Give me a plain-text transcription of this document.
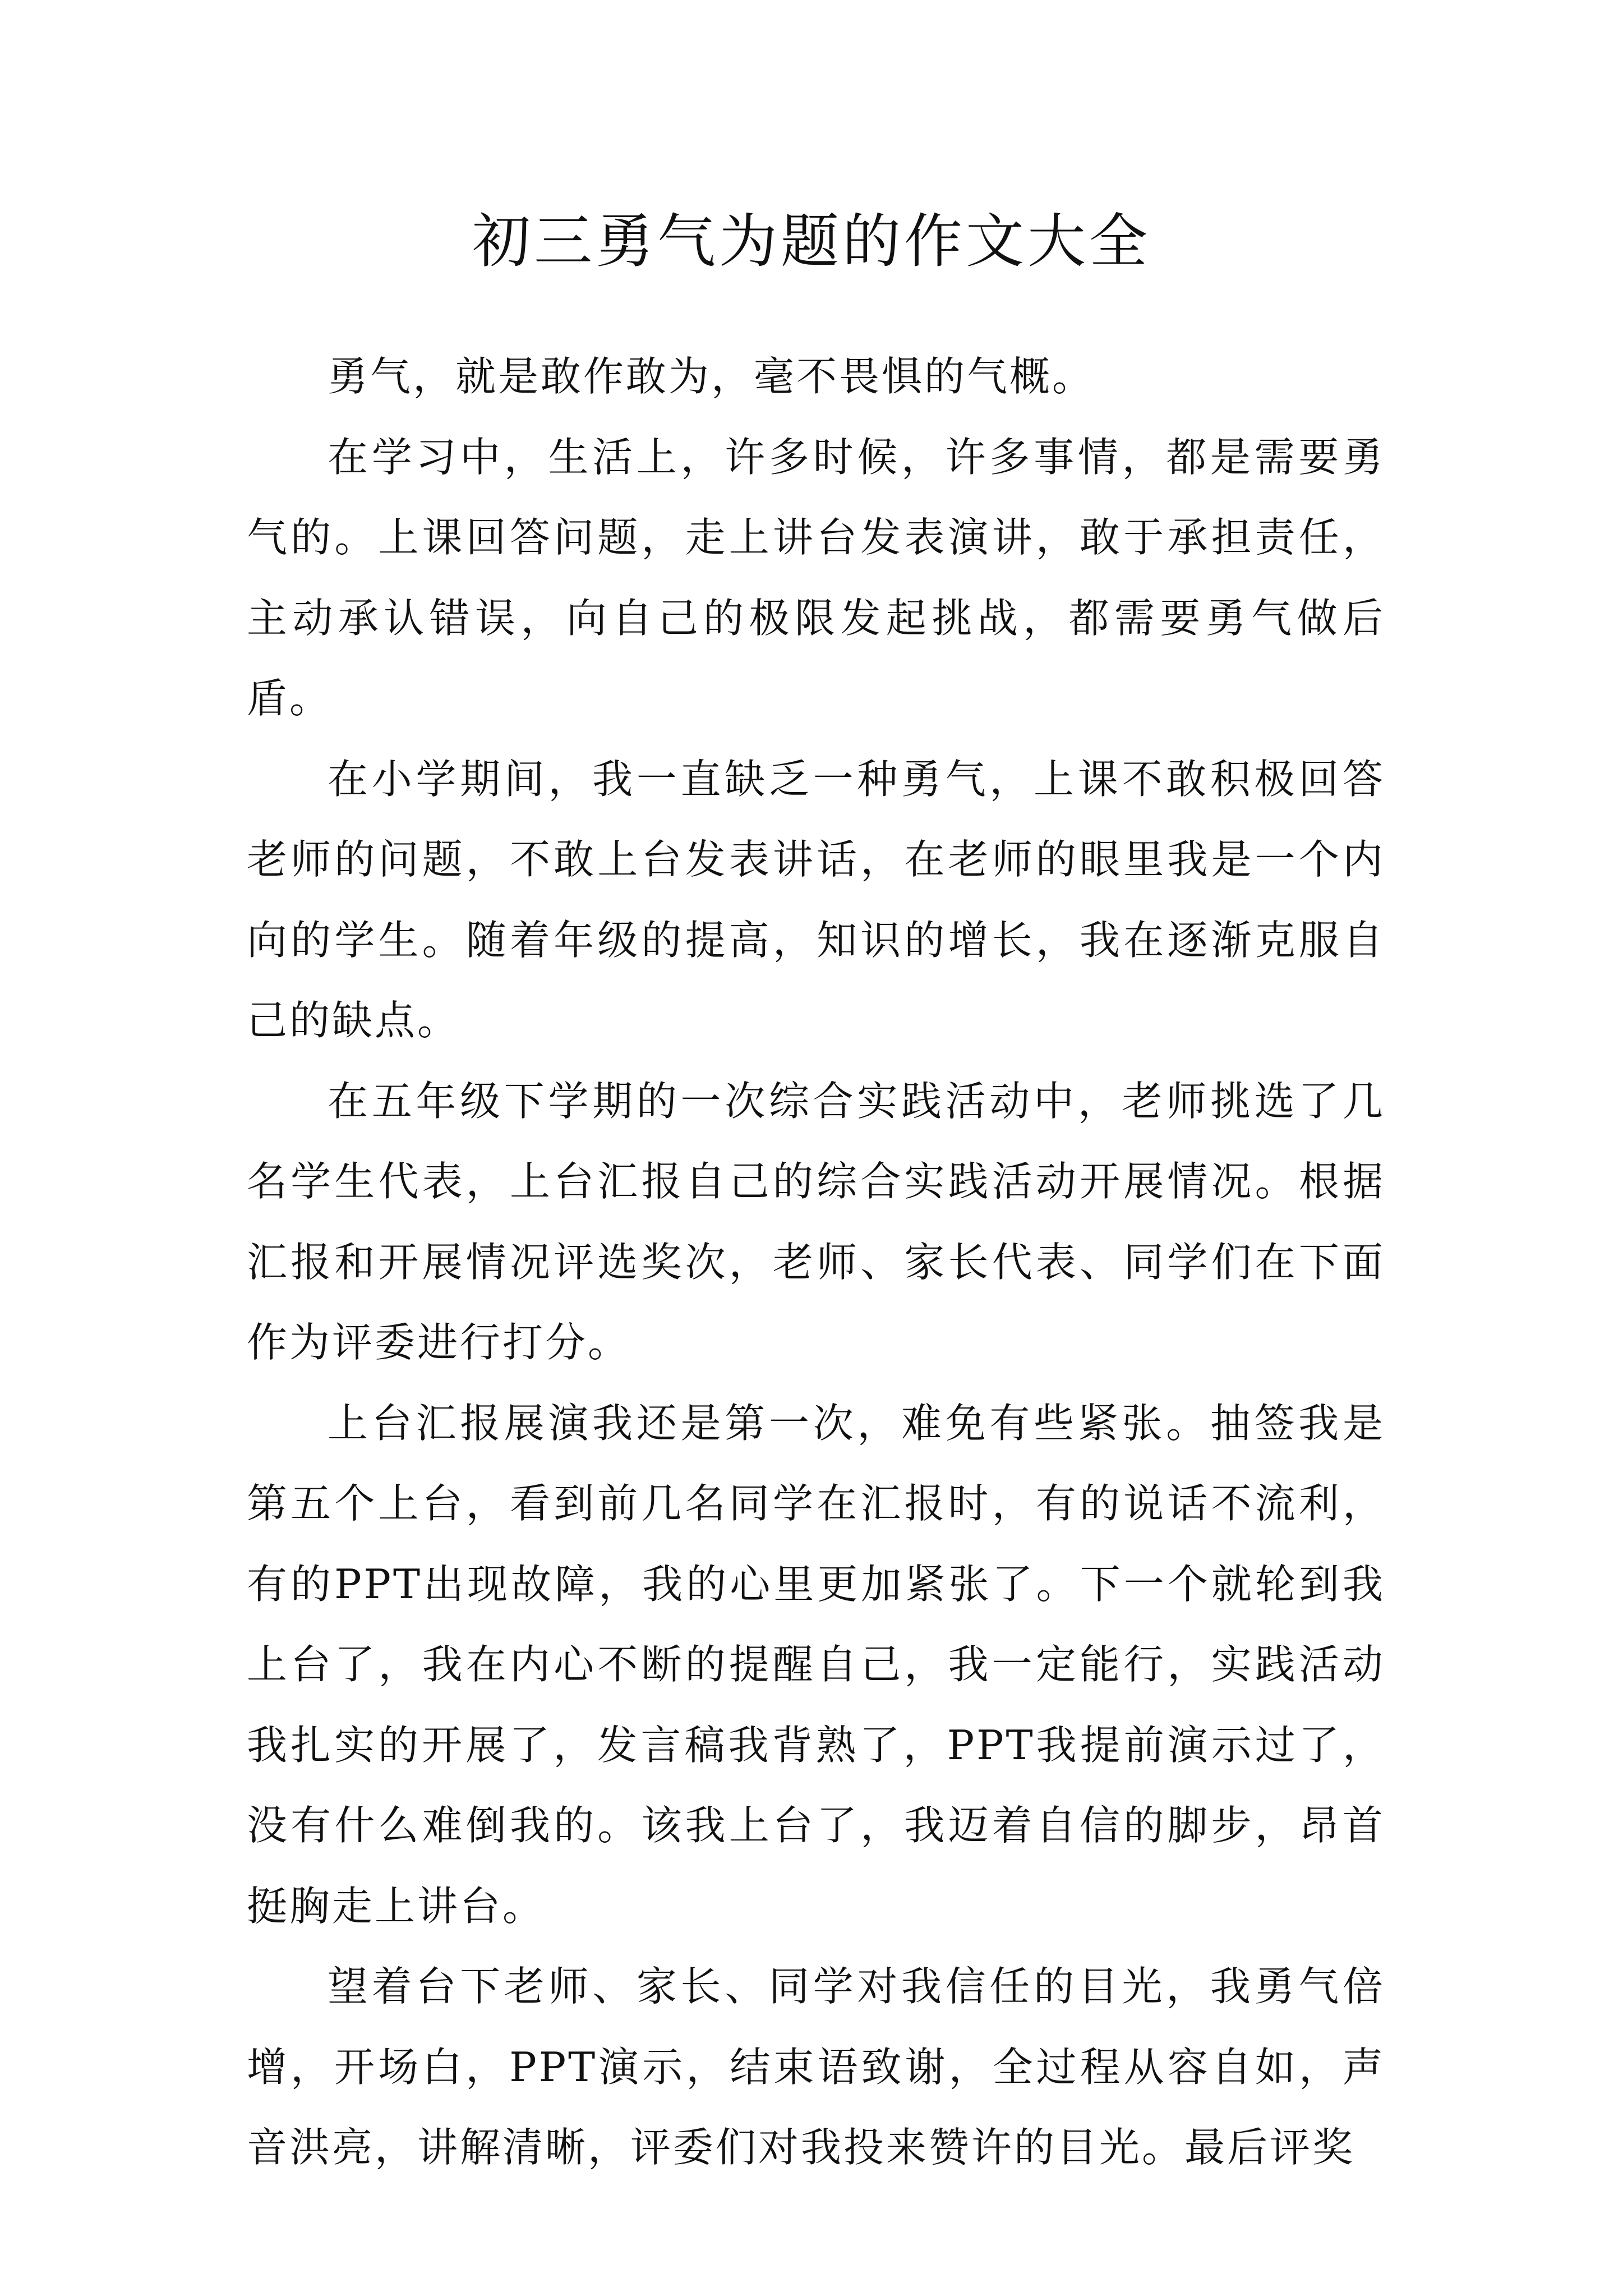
初三勇气为题的作文大全

勇气，就是敢作敢为，毫不畏惧的气概。

在学习中，生活上，许多时候，许多事情，都是需要勇气的。上课回答问题，走上讲台发表演讲，敢于承担责任，主动承认错误，向自己的极限发起挑战，都需要勇气做后盾。

在小学期间，我一直缺乏一种勇气，上课不敢积极回答老师的问题，不敢上台发表讲话，在老师的眼里我是一个内向的学生。随着年级的提高，知识的增长，我在逐渐克服自己的缺点。

在五年级下学期的一次综合实践活动中，老师挑选了几名学生代表，上台汇报自己的综合实践活动开展情况。根据汇报和开展情况评选奖次，老师、家长代表、同学们在下面作为评委进行打分。

上台汇报展演我还是第一次，难免有些紧张。抽签我是第五个上台，看到前几名同学在汇报时，有的说话不流利，有的PPT出现故障，我的心里更加紧张了。下一个就轮到我上台了，我在内心不断的提醒自己，我一定能行，实践活动我扎实的开展了，发言稿我背熟了，PPT我提前演示过了，没有什么难倒我的。该我上台了，我迈着自信的脚步，昂首挺胸走上讲台。

望着台下老师、家长、同学对我信任的目光，我勇气倍增，开场白，PPT演示，结束语致谢，全过程从容自如，声音洪亮，讲解清晰，评委们对我投来赞许的目光。最后评奖
